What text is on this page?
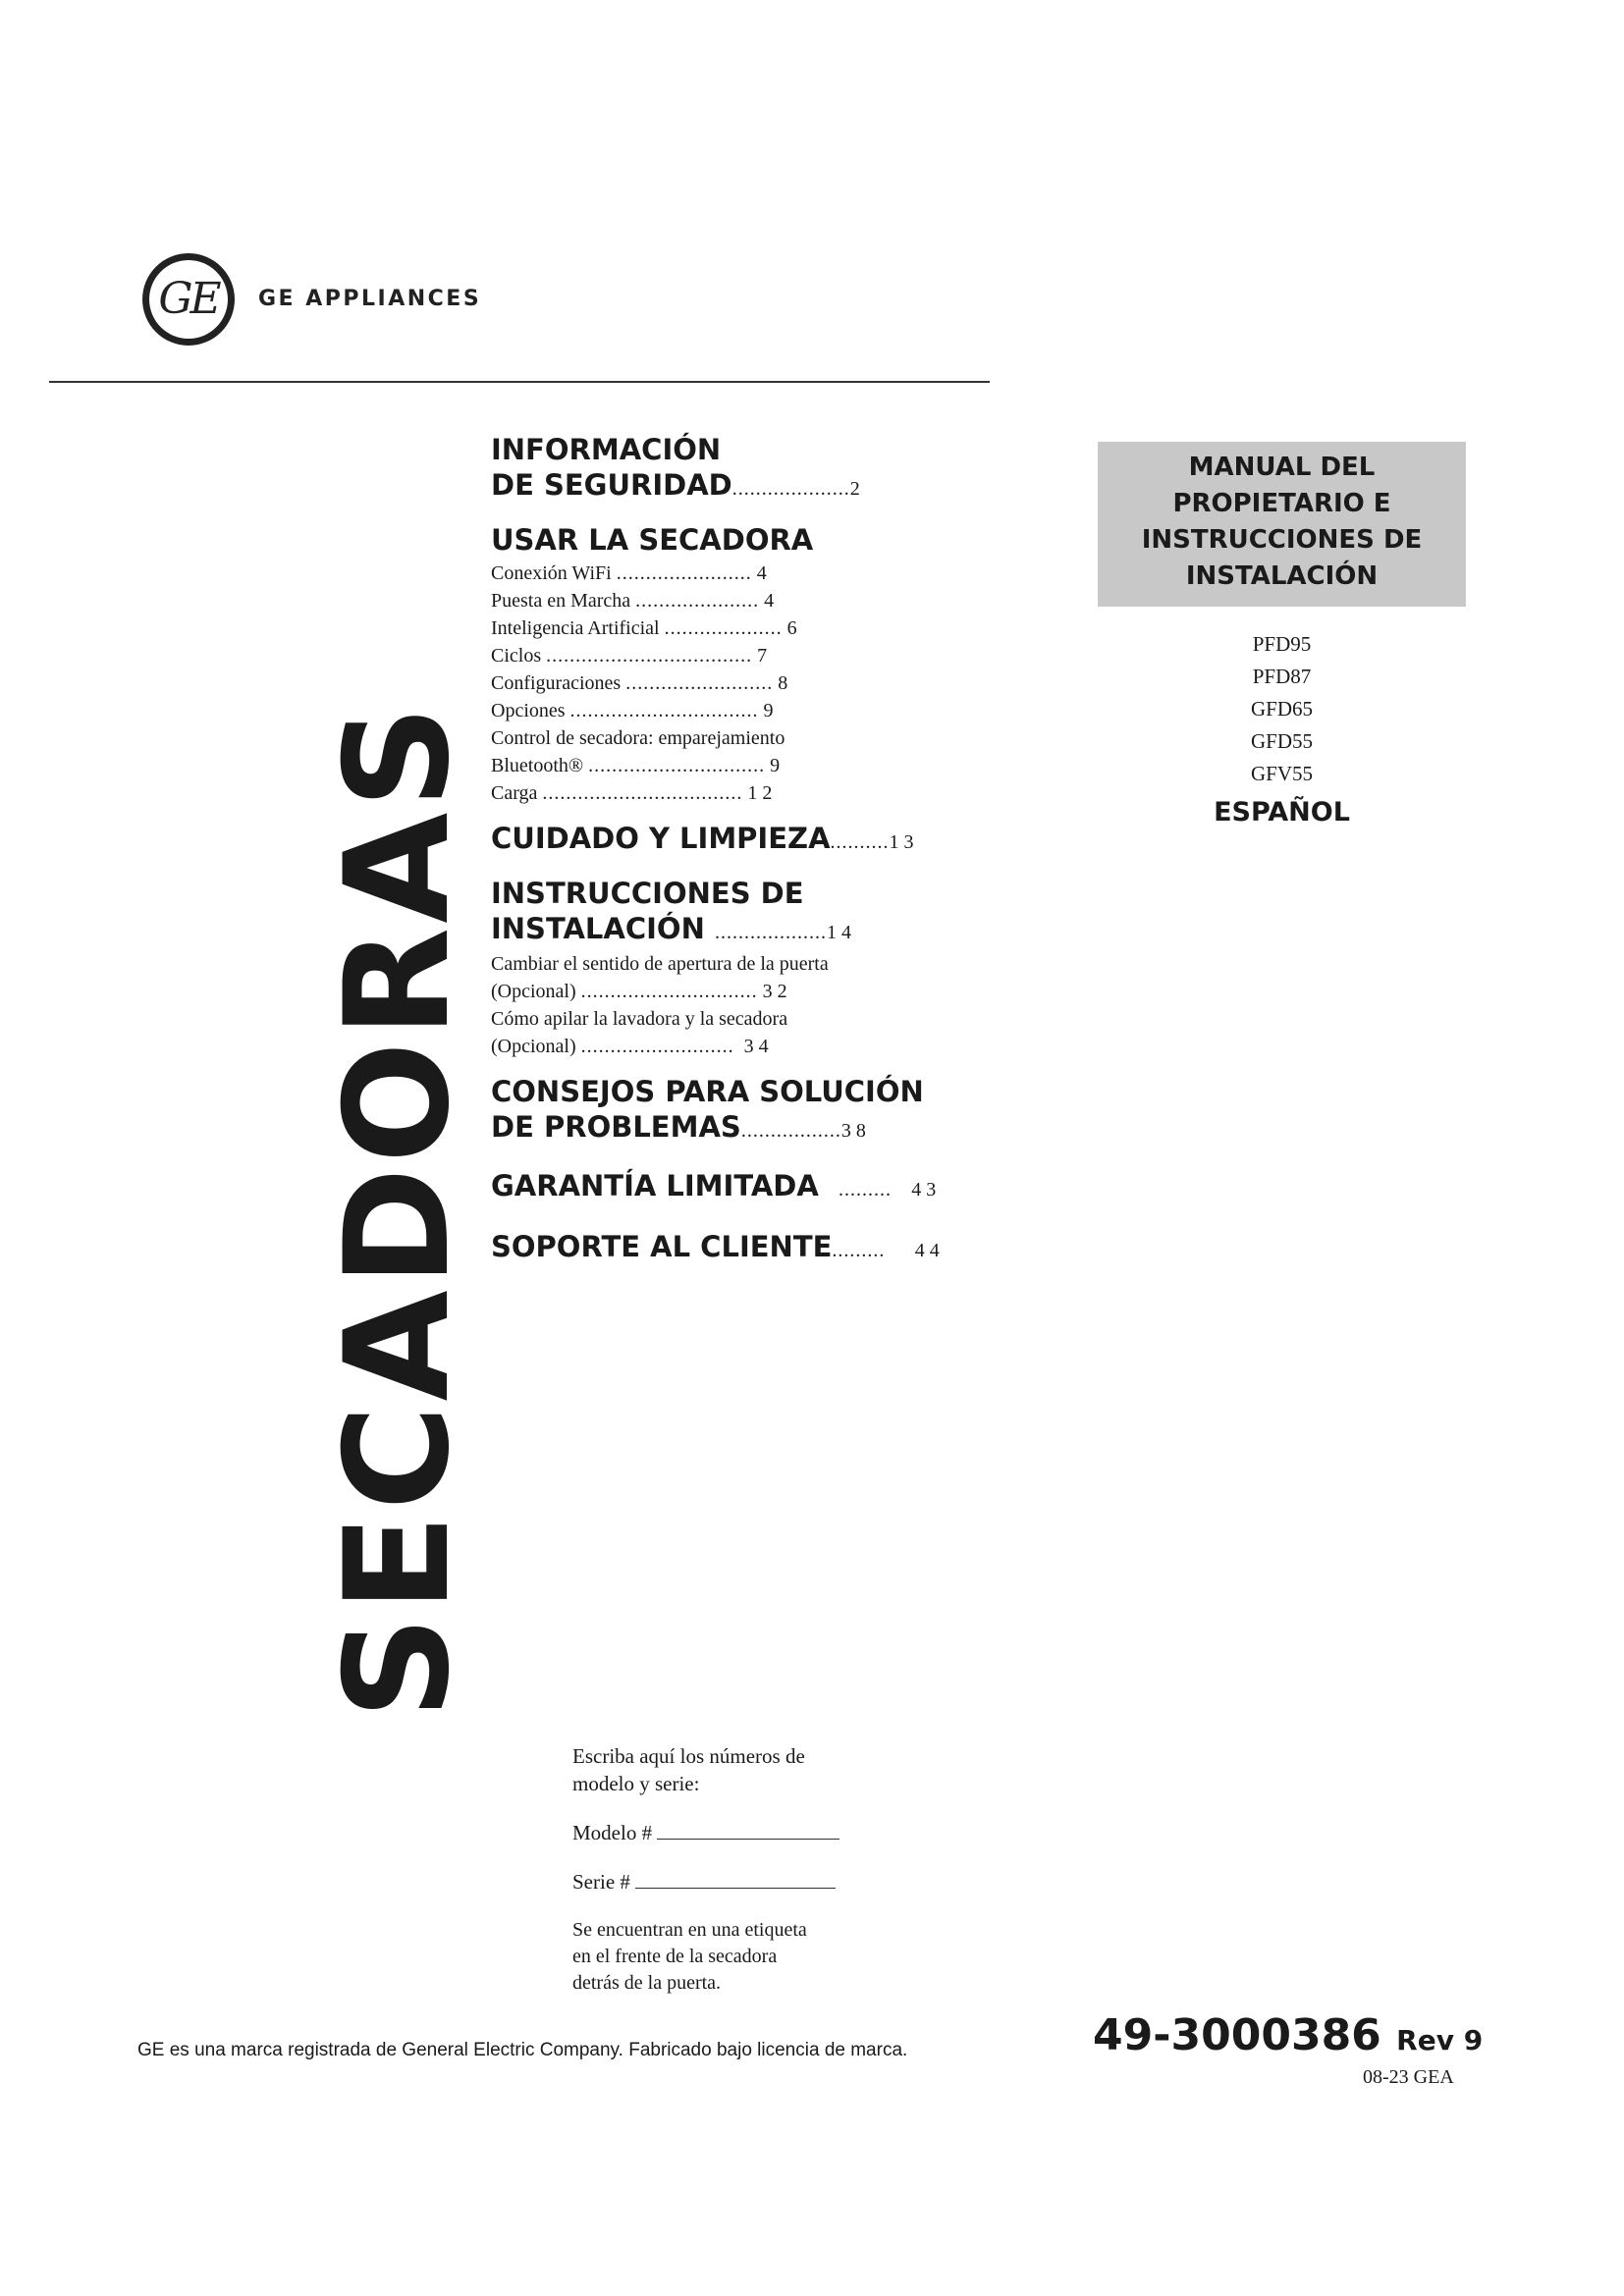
GE	GE APPLIANCES
SECADORAS
INFORMACIÓN
DE SEGURIDAD....................2
USAR LA SECADORA
Conexión WiFi ....................... 4
Puesta en Marcha ..................... 4
Inteligencia Artificial .................... 6
Ciclos ................................... 7
Configuraciones ......................... 8
Opciones ................................ 9
Control de secadora: emparejamiento
Bluetooth® .............................. 9
Carga .................................. 1 2
CUIDADO Y LIMPIEZA..........1 3
INSTRUCCIONES DE
INSTALACIÓN ...................1 4
Cambiar el sentido de apertura de la puerta
(Opcional) .............................. 3 2
Cómo apilar la lavadora y la secadora
(Opcional) .......................... 3 4
CONSEJOS PARA SOLUCIÓN
DE PROBLEMAS.................3 8
GARANTÍA LIMITADA ......... 4 3
SOPORTE AL CLIENTE......... 4 4
MANUAL DEL
PROPIETARIO E
INSTRUCCIONES DE
INSTALACIÓN
PFD95
PFD87
GFD65
GFD55
GFV55
ESPAÑOL
Escriba aquí los números de
modelo y serie:
Modelo #
Serie #
Se encuentran en una etiqueta
en el frente de la secadora
detrás de la puerta.
GE es una marca registrada de General Electric Company. Fabricado bajo licencia de marca.	49-3000386 Rev 9
08-23 GEA
